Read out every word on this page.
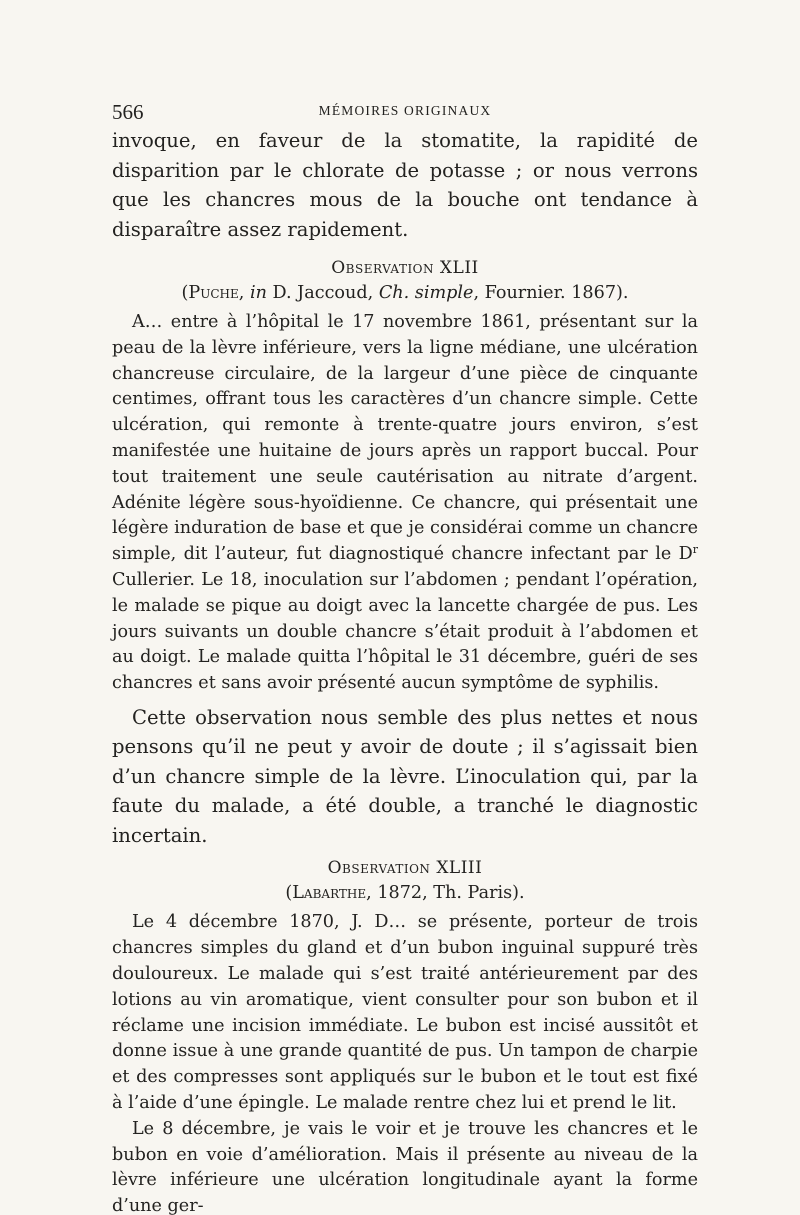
566	MÉMOIRES ORIGINAUX

invoque, en faveur de la stomatite, la rapidité de disparition par le chlorate de potasse ; or nous verrons que les chancres mous de la bouche ont tendance à disparaître assez rapidement.

Observation XLII
(Puche, in D. Jaccoud, Ch. simple, Fournier. 1867).

A… entre à l’hôpital le 17 novembre 1861, présentant sur la peau de la lèvre inférieure, vers la ligne médiane, une ulcération chancreuse circulaire, de la largeur d’une pièce de cinquante centimes, offrant tous les caractères d’un chancre simple. Cette ulcération, qui remonte à trente-quatre jours environ, s’est manifestée une huitaine de jours après un rapport buccal. Pour tout traitement une seule cautérisation au nitrate d’argent. Adénite légère sous-hyoïdienne. Ce chancre, qui présentait une légère induration de base et que je considérai comme un chancre simple, dit l’auteur, fut diagnostiqué chancre infectant par le $D^r$ Cullerier. Le 18, inoculation sur l’abdomen ; pendant l’opération, le malade se pique au doigt avec la lancette chargée de pus. Les jours suivants un double chancre s’était produit à l’abdomen et au doigt. Le malade quitta l’hôpital le 31 décembre, guéri de ses chancres et sans avoir présenté aucun symptôme de syphilis.

Cette observation nous semble des plus nettes et nous pensons qu’il ne peut y avoir de doute ; il s’agissait bien d’un chancre simple de la lèvre. L’inoculation qui, par la faute du malade, a été double, a tranché le diagnostic incertain.

Observation XLIII
(Labarthe, 1872, Th. Paris).

Le 4 décembre 1870, J. D… se présente, porteur de trois chancres simples du gland et d’un bubon inguinal suppuré très douloureux. Le malade qui s’est traité antérieurement par des lotions au vin aromatique, vient consulter pour son bubon et il réclame une incision immédiate. Le bubon est incisé aussitôt et donne issue à une grande quantité de pus. Un tampon de charpie et des compresses sont appliqués sur le bubon et le tout est fixé à l’aide d’une épingle. Le malade rentre chez lui et prend le lit.

Le 8 décembre, je vais le voir et je trouve les chancres et le bubon en voie d’amélioration. Mais il présente au niveau de la lèvre inférieure une ulcération longitudinale ayant la forme d’une ger-
